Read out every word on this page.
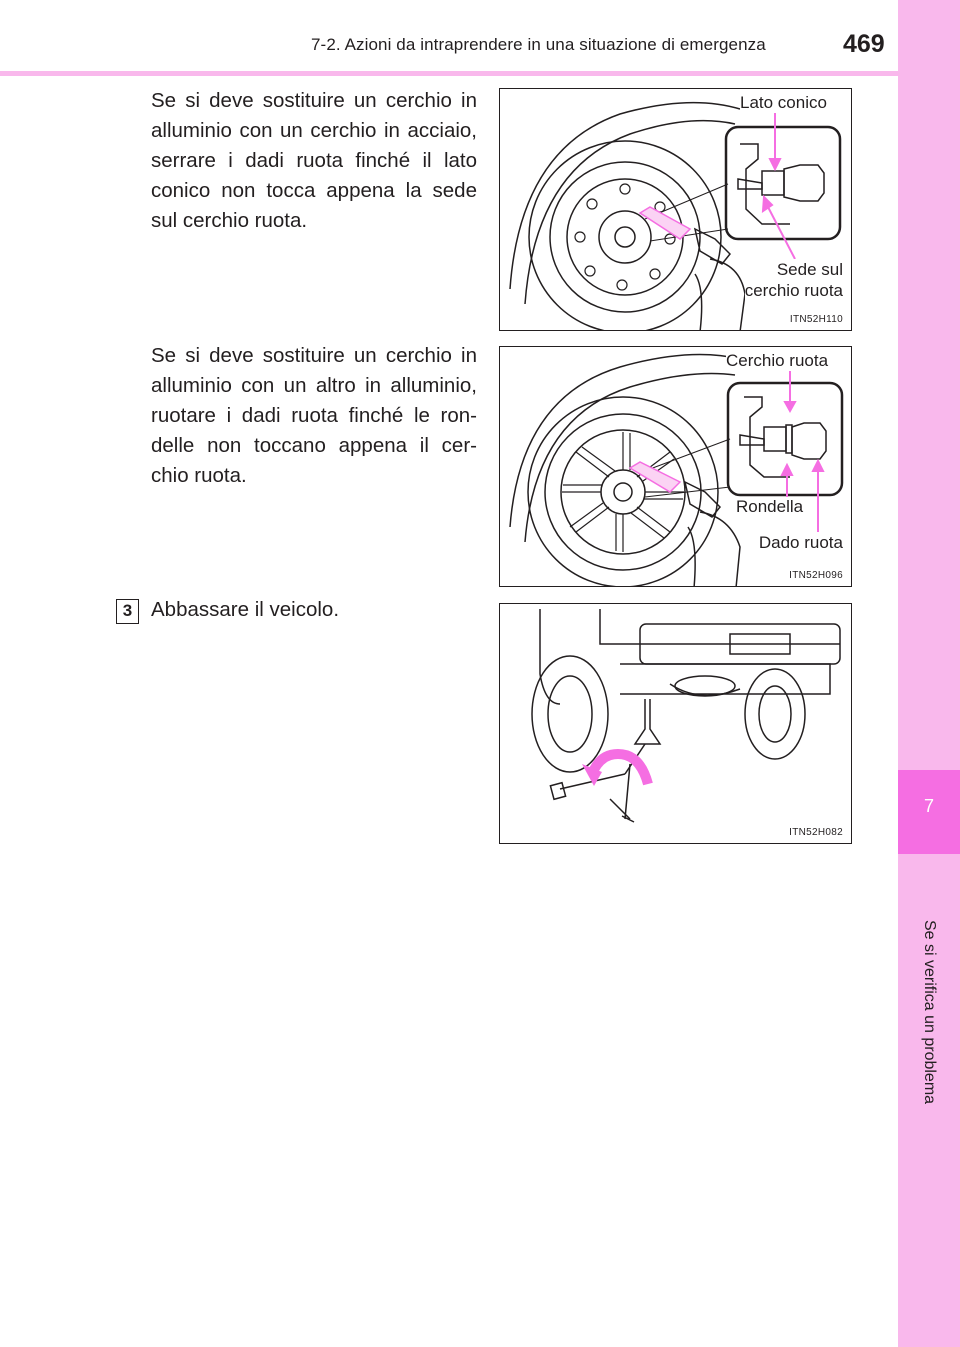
7-2. Azioni da intraprendere in una situazione di emergenza	469
7
Se si verifica un problema
Se si deve sostituire un cerchio in alluminio con un cerchio in acciaio, serrare i dadi ruota finché il lato conico non tocca appena la sede sul cerchio ruota.
Se si deve sostituire un cerchio in alluminio con un altro in alluminio, ruotare i dadi ruota finché le ron-delle non toccano appena il cer-chio ruota.
3 Abbassare il veicolo.
Lato conico
Sede sul
cerchio ruota
ITN52H110
Cerchio ruota
Rondella
Dado ruota
ITN52H096
ITN52H082
